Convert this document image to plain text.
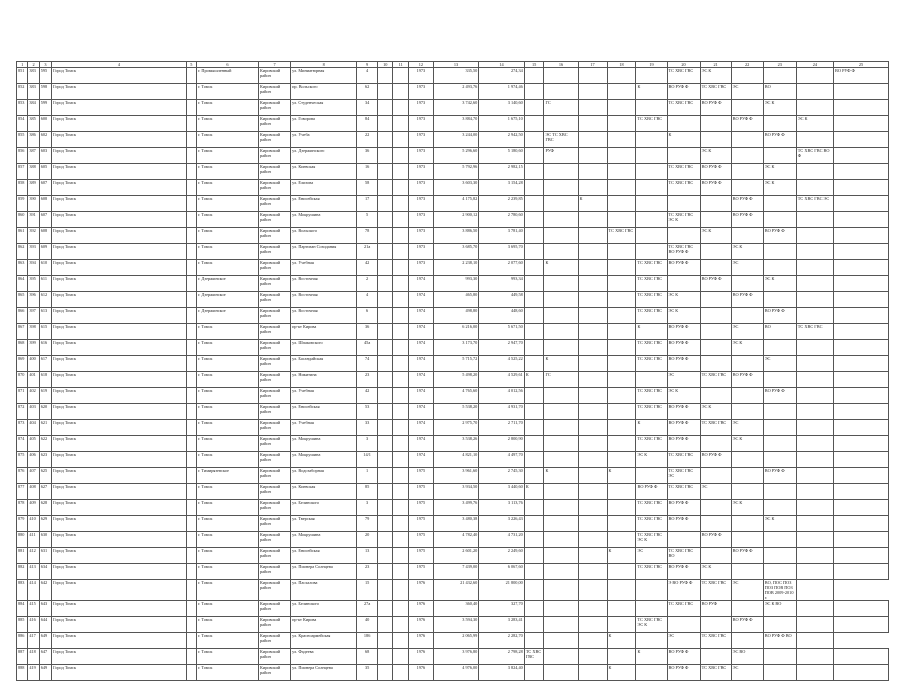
1	2	3	4	5	6	7	8	9	10	11	12	13	14	15	16	17	18	19	20	21	22	23	24	25
851	383	595	Город Томск		г. Промышленный	Кировский район	ул. Миниатюрная	4			1973	335,50	274,34						ТС ХВС ГВС	ЭС К				ВО РУФ Ф
852	383	598	Город Томск		г. Томск	Кировский район	пр. Вольского	62			1973	2 493,76	1 974,46					К	ВО РУФ Ф	ТС ХВС ГВС	ЭС	ВО		
853	384	599	Город Томск		г. Томск	Кировский район	ул. Студенческая	34			1973	3 742,60	3 140,60		ГС				ТС ХВС ГВС	ВО РУФ Ф		ЭС К		
854	385	600	Город Томск		г. Томск	Кировский район	ул. Говорова	84			1973	3 884,70	1 675,10					ТС ХВС ГВС			ВО РУФ Ф		ЭС К	
855	386	602	Город Томск		г. Томск	Кировский район	ул. Учеба	22			1973	3 244,00	2 942,50		ЭС ТС ХВС ГВС				К			ВО РУФ Ф		
856	387	603	Город Томск		г. Томск	Кировский район	ул. Дзержинского	36			1973	5 296,60	5 180,60		РУФ					ЭС К			ТС ХВС ГВС ВО Ф	
857	388	605	Город Томск		г. Томск	Кировский район	ул. Киевская	16			1973	5 792,96	2 982,15						ТС ХВС ГВС	ВО РУФ Ф		ЭС К		
858	389	607	Город Томск		г. Томск	Кировский район	ул. Елизова	58			1973	3 603,30	3 154,28						ТС ХВС ГВС	ВО РУФ Ф		ЭС К		
859	390	608	Город Томск		г. Томск	Кировский район	ул. Енисейская	17			1973	4 175,82	2 239,85			К					ВО РУФ Ф		ТС ХВС ГВС ЭС	
860	391	607	Город Томск		г. Томск	Кировский район	ул. Мокрушина	5			1973	2 900,12	2 780,60						ТС ХВС ГВС ЭС К		ВО РУФ Ф			
861	392	608	Город Томск		г. Томск	Кировский район	ул. Вольского	78			1973	3 886,50	3 781,40				ТС ХВС ГВС			ЭС К		ВО РУФ Ф		
862	393	609	Город Томск		г. Томск	Кировский район	ул. Партизан Созидания	21а			1973	3 685,70	3 695,70						ТС ХВС ГВС ВО РУФ Ф		ЭС К			
863	394	610	Город Томск		г. Томск	Кировский район	ул. Учебная	42			1973	2 238,10	2 077,60		К			ТС ХВС ГВС	ВО РУФ Ф		ЭС			
864	395	611	Город Томск		г. Дзержинское	Кировский район	ул. Восточная	2			1974	993,30	993,34					ТС ХВС ГВС		ВО РУФ Ф		ЭС К		
865	396	612	Город Томск		г. Дзержинское	Кировский район	ул. Восточная	4			1974	465,80	449,58					ТС ХВС ГВС	ЭС К		ВО РУФ Ф			
866	397	613	Город Томск		г. Дзержинское	Кировский район	ул. Восточная	6			1974	498,80	448,60					ТС ХВС ГВС	ЭС К			ВО РУФ Ф		
867	398	615	Город Томск		г. Томск	Кировский район	пр-кт Кирова	36			1974	6 216,00	5 671,50					К	ВО РУФ Ф		ЭС	ВО	ТС ХВС ГВС	
868	399	616	Город Томск		г. Томск	Кировский район	ул. Шпаковского	45а			1974	3 173,70	2 947,70					ТС ХВС ГВС	ВО РУФ Ф		ЭС К			
869	400	617	Город Томск		г. Томск	Кировский район	ул. Басандайская	74			1974	5 715,72	4 525,22		К			ТС ХВС ГВС	ВО РУФ Ф			ЭС		
870	401	618	Город Томск		г. Томск	Кировский район	ул. Никитина	23			1974	5 498,20	4 529,61	К	ГС				ЭС	ТС ХВС ГВС	ВО РУФ Ф			
871	402	619	Город Томск		г. Томск	Кировский район	ул. Учебная	42			1974	4 765,60	4 012,56					ТС ХВС ГВС	ЭС К			ВО РУФ Ф		
872	403	620	Город Томск		г. Томск	Кировский район	ул. Енисейская	53			1974	5 538,20	4 931,70					ТС ХВС ГВС	ВО РУФ Ф	ЭС К				
873	404	621	Город Томск		г. Томск	Кировский район	ул. Учебная	33			1974	2 975,70	2 711,70					К	ВО РУФ Ф	ТС ХВС ГВС	ЭС			
874	405	622	Город Томск		г. Томск	Кировский район	ул. Мокрушина	3			1974	3 538,26	2 800,90					ТС ХВС ГВС	ВО РУФ Ф		ЭС К			
875	406	623	Город Томск		г. Томск	Кировский район	ул. Мокрушина	14/1			1974	4 821,10	4 497,70					ЭС К	ТС ХВС ГВС	ВО РУФ Ф				
876	407	625	Город Томск		г. Тимирязевское	Кировский район	ул. Водозаборная	1			1975	3 961,60	2 745,30		К		К		ТС ХВС ГВС ЭС			ВО РУФ Ф		
877	408	627	Город Томск		г. Томск	Кировский район	ул. Киевская	85			1975	3 934,50	3 440,60	К				ВО РУФ Ф	ТС ХВС ГВС	ЭС				
878	409	628	Город Томск		г. Томск	Кировский район	ул. Белинского	3			1975	3 499,76	3 113,76					ТС ХВС ГВС	ВО РУФ Ф		ЭС К			
879	410	629	Город Томск		г. Томск	Кировский район	ул. Тверская	79			1975	3 480,38	3 226,43					ТС ХВС ГВС	ВО РУФ Ф			ЭС К		
880	411	630	Город Томск		г. Томск	Кировский район	ул. Мокрушина	20			1975	4 782,40	4 731,20					ТС ХВС ГВС ЭС К		ВО РУФ Ф				
881	412	631	Город Томск		г. Томск	Кировский район	ул. Енисейская	13			1975	2 601,20	2 249,60				К	ЭС	ТС ХВС ГВС ВО		ВО РУФ Ф			
882	413	634	Город Томск		г. Томск	Кировский район	ул. Пионера Солнцева	23			1975	7 439,00	6 067,60					ТС ХВС ГВС	ВО РУФ Ф	ЭС К				
883	414	642	Город Томск		г. Томск	Кировский район	ул. Пасхалова	15			1976	21 432,60	21 800,00						Э ВО РУФ Ф	ТС ХВС ГВС	ЭС	ВО, ПОС ПОЗ ПОЗ ПОВ ПОЗ ПОВ 2009-2010 г.		
884	415	643	Город Томск		г. Томск	Кировский район	ул. Белинского	27а			1976	360,40	327,70						ТС ХВС ГВС	ВО РУФ		ЭС К ВО		
885	416	644	Город Томск		г. Томск	Кировский район	пр-кт Кирова	40			1976	3 594,30	3 283,41					ТС ХВС ГВС ЭС К			ВО РУФ Ф			
886	417	649	Город Томск		г. Томск	Кировский район	ул. Красноармейская	186			1976	2 065,99	2 282,70				К		ЭС	ТС ХВС ГВС		ВО РУФ Ф ВО		
887	418	647	Город Томск		г. Томск	Кировский район	ул. Фадеева	68			1976	3 976,80	2 798,28	ТС ХВС ГВС				К	ВО РУФ Ф		ЭС ВО			
888	419	649	Город Томск		г. Томск	Кировский район	ул. Пионера Солнцева	35			1976	4 976,00	3 824,40				К		ВО РУФ Ф	ТС ХВС ГВС	ЭС			
